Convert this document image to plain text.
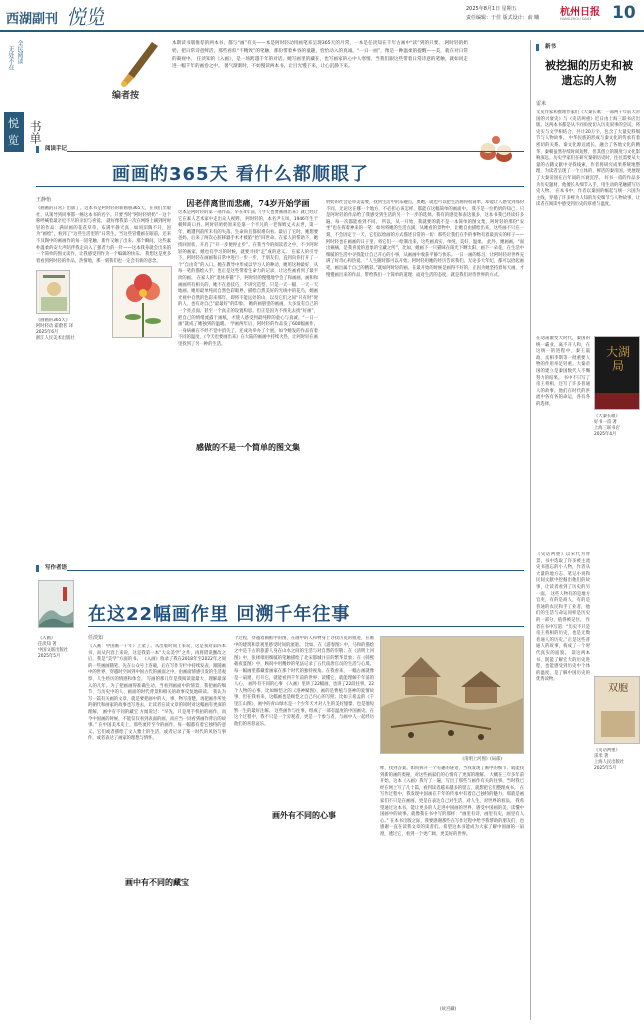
西湖副刊 悦览	2025年8月1日 星期五
责任编辑：于佳 版式设计：俞 曦 杭州日报
HANGZHOU DAILY 10
全民阅读
无处不在
悦
览 书单
编者按
本期读书版推荐的两本书，都与“画”有关——本是阿时轻动用画笔来呈现365天的月常，一本是任淡知在千年古画中“读”到的只要。 阿时轻的奶奶，把日常诗意鲜活，那些看似“不精致”的笔触，那份带着乡昏的童趣，恰恰动入的真诚。“一日一画”，像是一种温柔的提醒——美，就在对日常的凝视中。 任淡知的《入画》，是一场跨越千年的对话。她写画里的藏在，也写画家的心中人寒情。当我们跟这些带着日常诗意的笔触，就如同走进一幅千年的画卷之中。 暑气渐渐时，不妨慢读两本书，让目光慢下来，让心沉静下来。
阅读手记
画画的365天 看什么都顺眼了
王静怡
《画画的日常》出版了。这本书是阿时轻的新画册365天，在我们出版社，从领导到同事都一畅这本书的名字。只要当时“阿时轻奶奶”一这个称呼喊着最亲近不尽的亲切与喜爱。 就好像我第一次在网络上刷到阿时轻的作品：满屏画的花花草草，布满平静天真，如同旧陶不开，因为“画绘”，看到了“这些生活里的”日常生。当这些冒慢画在眼前，还来不及陶中的画画作的每一道笔触，新作又触了出来。那个瞬间，这些素朴温柔的安大声陪伴我走向入了强者力的一针——这本我身就会出来的一个简单的图文读作，让我感受到作为一个编辑的快乐。 我想这是更多着看到阿时轻的作品，热情地，那一刻我们也一定会有新的意念。
《画画的365天》
阿时轻动 霍蔚茗 译
2025年6月
浙江人民美术出版社
因老伴离世而悲痛，74岁开始学画
这本是阿时轻的第一部作品。早在4年前，《今天也要画画出来》就已经让它在素人艺术家中走出众人视野。 阿时轻的，本名尹玉凤，1946年生于朝鲜商口县。阿时轻奶奶原来是靠一个平凡的一老保姆丈夫去世，第一年，她遭到前所未有的失落，生命尚且都很难向看。最后了它时，她想要爸妈，后来了两次心脏移器手术才被陷“抬”回世命。在家人的帮助下，她找回原状，开启了“开一步便停止步”。在我当今的阅读者之中，不少阿时轻的画家，她也有学习的时候，就要寻找“走”成的意义。 在家人的引导下，阿时轻在画画和日常中进行一步一步，于朋友们，直到向你打开了一个“自由奇”的入口。她在教导中形成以学习人的种动，她用这种最好、从每一笔的描绘入手，也正是这些带着生命力的记录，让这些画看到了最平淡的画。 在家人的“退休养猫”下，阿时轻的慢慢地学会了和画画，画和和画画所有相关的，她不在意技巧，不讲究造型，只是一天一幅、一天一天地画。她用最单纯而自然色彩眼界，描绘自然美好的光线中的花鸟，她画光视中自然的色彩来那年，即将不能远处的山，以及它们之间“只有时”时的人，也有对自己“最最好”的印象。 她的画册里的画画，大多没有自己的一个亮点面，甚至一个真正的设置构思。但正是因为不预先去找“好画”，把自己的情绪流露于画纸，才使人感受到最纯粹的童心与真诚。“一日一画”就成了她独到的温暖。 学画两年后，阿时轻的作品发了600幅画作，一身病痛在不经不觉中消失了，还成功举办了个展。如今她发的作品有着不同的温度，《今天也要画出来》在大陆的画画中持续火热，让阿时轻在画里找到了另一种的生活。
感做的不是一个简单的图文集
奶奶的社会是审美需要，找到生活中的乐趣点，奥她，就也可以把生活画得很简单，却能让人感受到那份不同，无论这在哪一个地方，不必担心该怎样，都能在这幅简单的画面中。 我不是一位奶奶的知己，只是阿时轻的作品给了我感受到生活的另一个一步的选择。我有的感觉和表达很多，这本书我已经读好多遍，每一次都能看到不同。 所以，从一开始，我就要的就不是一本简单的图文集，阿时轻的那份“安坐”也在挥着神来的一笔：如何将她的生活点滴，从她看的景物中，让她自由描绘出来。这些画不只在一刻，不会固定于一天，它们以绘画的方式描述日常的一切：那些让我们在乎的事物有着最真实的样子——阿时轻也在画画的日子里，将它们一一绘制出来。这些画真实、单纯、美好、温柔。 此外，她画画，“面出痛痛，是我喜爱的意象的宝藏之所”，比如，她画下一只猫咪在阳光下晒太阳，画下一朵花，在生活中细腻的生活中寻找能让自己开心的小事，从画画中收获平静与快乐。一日一画的练习，让阿时轻对世界充满了好奇心和热爱。 “人生随时都可以开始。阿时轻用她的经历告诉我们，无论多大年纪，都可以拾起画笔，画出属于自己的精彩。”就如阿时轻的画，在最开始的时候是画得不好的，正因为她坚持着每天画，才慢慢画出来的作品，带给我们一个简单的道理：面对生活的态度，就是我们对待世界的方式。
写作者语
在这22幅画作里 回溯千年往事
《入画》
任淡知 著
中国文联出版社
2025年5月
任淡知
《入画：中国画一千年》上架了。从出版时间上来说，这是我对第四本书，而从内容上来说，这是我第一本“大众美学”之作，再将错误删改之后，我是“美学”方面的书。 《入画》收录了我在2018年至2022年之间的一些画画随笔。先在公众号上连载，后在写作专栏中持续发表，跟随画中的世界，穿越时空回到中国古代的画面之中，由画面情感引发的生活观察、人生经历的情感和体会。 写画的那几年是我阅读量最大、理解最深入的几年。为了把画画得准确生动，当看到画面中的情景，我把画的细节、与历史中的人、画面的时代背景和相关的故事反复地研读。 我认为写一篇有关画的文章，就是要把画中的人、事、物写清楚，再把画作所处的朝代和画家的故事也写进去，让读者在读文章的同时对这幅画有更深的理解。 画中有不同的藏宝 方闻说过：“早先，只是用手机拍的画作，而今中国画的时候，不能仅仅看到表面的画，而应当一同看到画作背后的故事。” 在中国美术史上，那些流传至今的画作，每一幅都有着它独特的意义。它们或者描绘了文人雅士的生活，或者记录了某一时代的风俗与事件，或者表达了画家的理想与情怀。
个过程，穿越着画框中的图，在画中的人和物身上寻找历史的痕迹，在画中的建筑和景观里感受时间的流逝。 比如，在《游春图》中，马和的描绘之中是千古的旅游人身在山水之间的生活与对自然的崇敬；在《清明上河图》中，张择端用细腻的笔触描绘了北宋都城汴京的繁华景象；在《韩熙载夜宴图》中，顾闳中用精妙的笔法记录了五代南唐官员的生活与心境。 每一幅画里都藏着画家在那个时代的独特视角。在我看来，一幅古画就像是一扇窗，打开它，就能看到千年前的世界；读懂它，就能理解千年前的人心。 画外有不同的心事 《入画》里讲了22幅画，也讲了22段往事，22个人物的心事。比如顾恺之的《洛神赋图》，画的是曹植与洛神的爱情故事，但在我看来，这幅画也是顾恺之自己内心的写照；比如王希孟的《千里江山图》，画中的青山绿水是一个少年天才对人生的美好憧憬，也是他短暂一生的最好注解。 这些画作与往事，组成了一部有温度的中国画史。在这个过程中，我不只是一个旁观者，更是一个参与者，与画中人一起经历他们的喜怒哀乐。
《清明上河图》(局部)
释，找到答案。如同拆开一个有趣的谜语，当我发现了画中的细节，就能找到新的画的奥秘，对这些画家们的心情有了更深的理解。 大概在三年多年前开始，这本《入画》我写了一遍，写出了那些与画作有关的往事。当时我已经在网上写了几十篇，看到读者越来越多的留言，就想把它们整理成书。 在写作过程中，我发现中国画在千年的传承中有着自己独特的魅力，那就是画家们不只是在画画，更是在表达自己对生活、对人生、对世界的看法。 我希望通过这本书，能让更多的人走进中国画的世界，感受中国画的美，读懂中国画中的故事。就像我在书中写的那样：“画里有诗，画里有史，画里有人心。” 在本书出版之际，我要感谢那些在写作过程中给予我帮助的朋友们，也感谢一直在读我文章的读者们。希望这本书能成为大家了解中国画的一扇窗，透过它，看到一个更广阔、更美好的世界。
(故宫藏)
画中有不同的藏宝
画外有不同的心事
新书
被挖掘的历史和被遗忘的人物
雷米
文史作家和推理作家们《大秦长歌：一部两千年前大帝国的兴衰史》与《史话两重》近日由上海三联书店出版。这两本书都是从不同角度切入历史叙事的尝试，将史实与文学相结合，共计20万字，包含了大量史料细节与人物故事。 中华民族的形成与秦文化的传承有着密切的关系。秦文化源远流长，融合了各地文化的精华，秦朝虽然存续时间短暂，但其创立的制度与文化影响深远。历史学家们在研究秦朝历史时，往往需要从大量的古籍文献中寻找线索，作者将研究成果系统地整理，为读者呈现了一个立体的、鲜活的秦帝国，更展现了大秦帝国在百年间的兴衰沉浮。 好书一甫的作品多为历史题材，他擅长从细节入手，用生动的笔触描写历史人物。 在本书中，作者以秦国的崛起与统一六国为主线，穿插了许多鲜为人知的历史细节与人物故事，让读者在阅读中感受到历史的厚重与温度。
大湖局
在动荡激变大时代，秦国的统一霸业，离不开人和，在这统一的进程中，秦王嬴政、丞相李斯等一批重要人物的作用举足轻重。大秦帝国的建立是秦国数代人不懈努力的结果。 书中不只写了帝王将相，还写了许多普通人的故事，他们在时代的洪流中各有各的命运，各有各的选择。
《大秦长歌》
好书一甫 著
上海三联书店
2025年4月
双胞
《史话两重》
雷米 著
上海人民出版社
2025年5月
《史话两重》以宋代为背景，书中选取了许多被主流史书遗忘的小人物，作者从大量的地方志、笔记小说和民间文献中挖掘出他们的故事，让读者看到了历史的另一面。 这些人物有的是地方官吏，有的是商人，有的是普通的农民和手工业者，他们的生活与命运同样是历史的一部分，值得被记住。 作者在书中写道：“历史不只是帝王将相的历史，也是无数普通人的历史。”正是这些普通人的故事，构成了一个时代真实的面貌。 读这两本书，既能了解宏大的历史进程，也能感受到历史中个体的温度，是了解中国历史的优秀读物。
